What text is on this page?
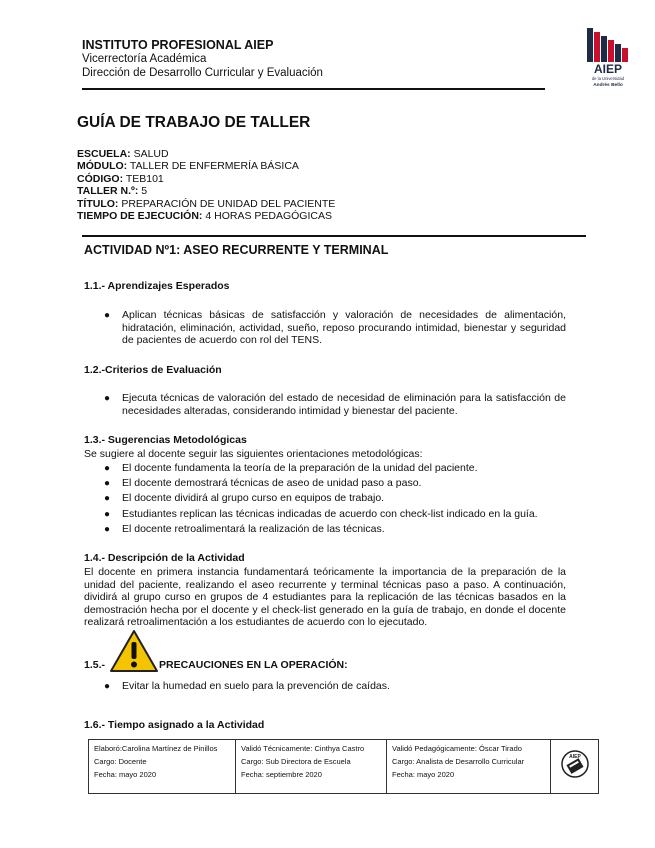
INSTITUTO PROFESIONAL AIEP
Vicerrectoría Académica
Dirección de Desarrollo Curricular y Evaluación	AIEP
de la Universidad
Andrés Bello
GUÍA DE TRABAJO DE TALLER
ESCUELA: SALUD
MÓDULO: TALLER DE ENFERMERÍA BÁSICA
CÓDIGO: TEB101
TALLER N.º: 5
TÍTULO: PREPARACIÓN DE UNIDAD DEL PACIENTE
TIEMPO DE EJECUCIÓN: 4 HORAS PEDAGÓGICAS
ACTIVIDAD Nº1: ASEO RECURRENTE Y TERMINAL
1.1.- Aprendizajes Esperados
● Aplican técnicas básicas de satisfacción y valoración de necesidades de alimentación, hidratación, eliminación, actividad, sueño, reposo procurando intimidad, bienestar y seguridad de pacientes de acuerdo con rol del TENS.
1.2.-Criterios de Evaluación
● Ejecuta técnicas de valoración del estado de necesidad de eliminación para la satisfacción de necesidades alteradas, considerando intimidad y bienestar del paciente.
1.3.- Sugerencias Metodológicas
Se sugiere al docente seguir las siguientes orientaciones metodológicas:
● El docente fundamenta la teoría de la preparación de la unidad del paciente.
● El docente demostrará técnicas de aseo de unidad paso a paso.
● El docente dividirá al grupo curso en equipos de trabajo.
● Estudiantes replican las técnicas indicadas de acuerdo con check-list indicado en la guía.
● El docente retroalimentará la realización de las técnicas.
1.4.- Descripción de la Actividad
El docente en primera instancia fundamentará teóricamente la importancia de la preparación de la unidad del paciente, realizando el aseo recurrente y terminal técnicas paso a paso. A continuación, dividirá al grupo curso en grupos de 4 estudiantes para la replicación de las técnicas basados en la demostración hecha por el docente y el check-list generado en la guía de trabajo, en donde el docente realizará retroalimentación a los estudiantes de acuerdo con lo ejecutado.
1.5.-	PRECAUCIONES EN LA OPERACIÓN:
● Evitar la humedad en suelo para la prevención de caídas.
1.6.- Tiempo asignado a la Actividad
Elaboró:Carolina Martínez de Pinillos
Cargo: Docente
Fecha: mayo 2020

Validó Técnicamente: Cinthya Castro
Cargo: Sub Directora de Escuela
Fecha: septiembre 2020

Validó Pedagógicamente: Óscar Tirado
Cargo: Analista de Desarrollo Curricular
Fecha: mayo 2020

AIEP
